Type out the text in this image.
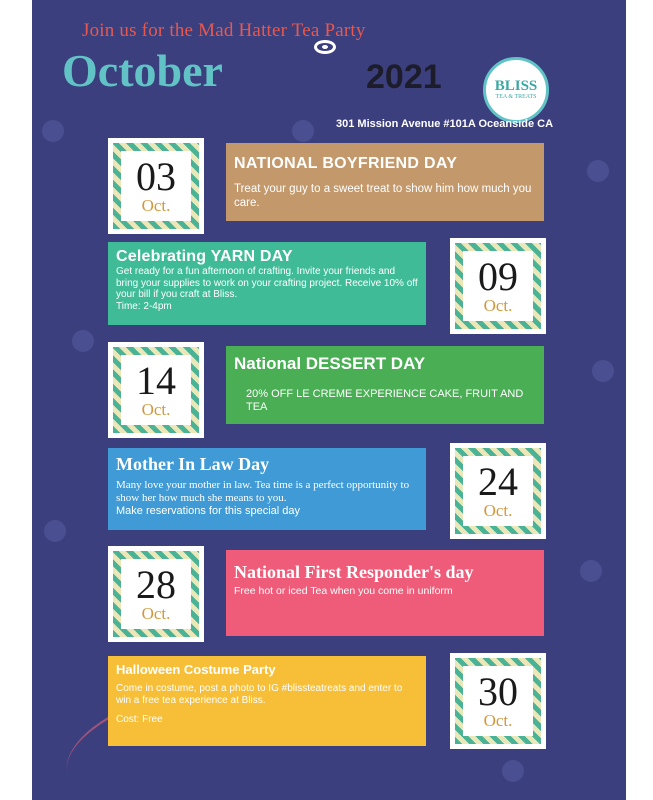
Join us for the Mad Hatter Tea Party
October	2021	BLISS
TEA & TREATS
301 Mission Avenue #101A Oceanside CA
NATIONAL BOYFRIEND DAY
Treat your guy to a sweet treat to show him how much you care.
03
Oct.
Celebrating YARN DAY
Get ready for a fun afternoon of crafting. Invite your friends and bring your supplies to work on your crafting project. Receive 10% off your bill if you craft at Bliss.
Time: 2-4pm
09
Oct.
National DESSERT DAY
20% OFF LE CREME EXPERIENCE CAKE, FRUIT AND TEA
14
Oct.
Mother In Law Day
Many love your mother in law. Tea time is a perfect opportunity to show her how much she means to you.
Make reservations for this special day
24
Oct.
National First Responder's day
Free hot or iced Tea when you come in uniform
28
Oct.
Halloween Costume Party
Come in costume, post a photo to IG #blissteatreats and enter to win a free tea experience at Bliss.
Cost: Free
30
Oct.
